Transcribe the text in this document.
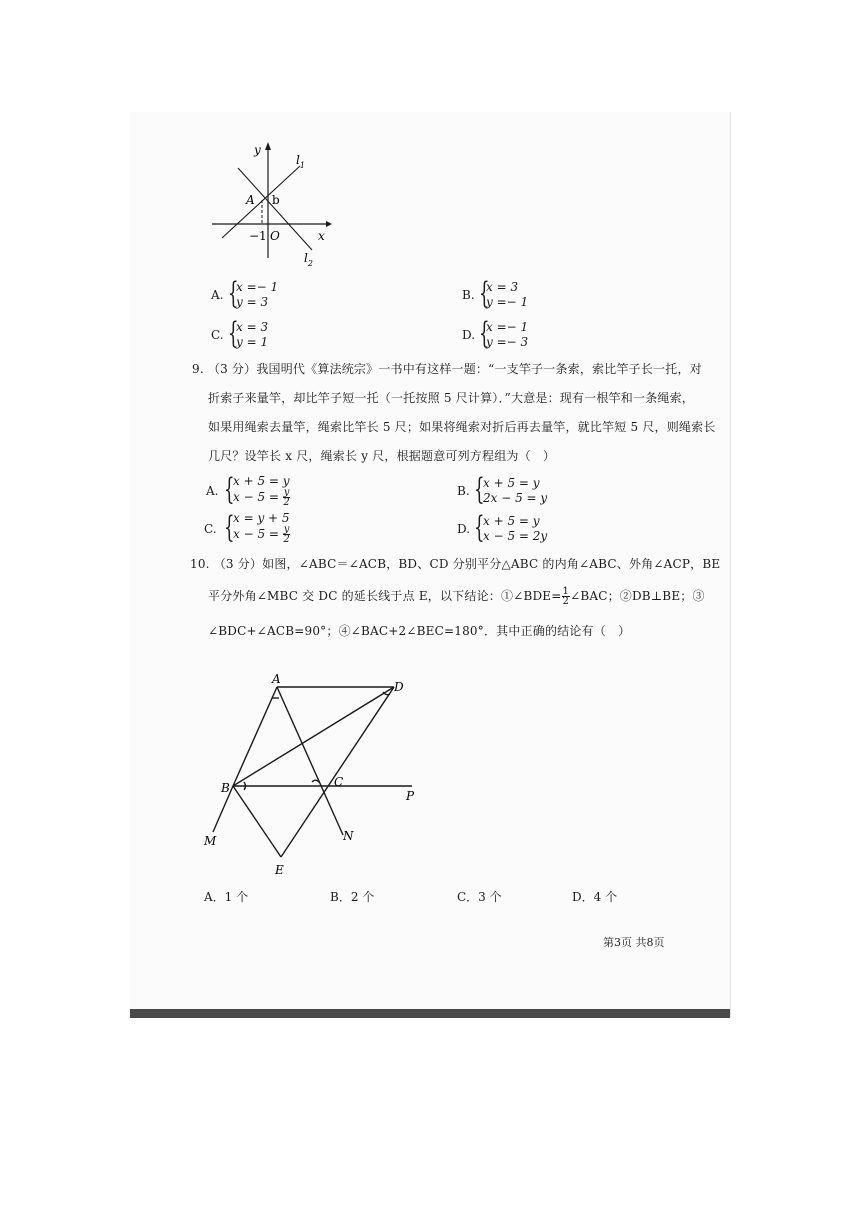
y
x
$l_1$
$l_2$
A b
−1 O
A. {
x =− 1
y = 3	B. {
x = 3
y =− 1
C. {
x = 3
y = 1	D. {
x =− 1
y =− 3
9. （3 分）我国明代《算法统宗》一书中有这样一题：“一支竿子一条索，索比竿子长一托，对
折索子来量竿，却比竿子短一托（一托按照 5 尺计算）．”大意是：现有一根竿和一条绳索，
如果用绳索去量竿，绳索比竿长 5 尺；如果将绳索对折后再去量竿，就比竿短 5 尺，则绳索长
几尺？设竿长 x 尺，绳索长 y 尺，根据题意可列方程组为（　）
A. {
x + 5 = y
$x - 5 = \frac{y}{2}$	B. {
x + 5 = y
2x − 5 = y
C. {
x = y + 5
$x - 5 = \frac{y}{2}$	D. {
x + 5 = y
x − 5 = 2y
10. （3 分）如图，∠ABC＝∠ACB，BD、CD 分别平分△ABC 的内角∠ABC、外角∠ACP，BE
平分外角∠MBC 交 DC 的延长线于点 E，以下结论：①∠BDE= $\frac{1}{2}$ ∠BAC；②DB⊥BE；③
∠BDC+∠ACB=90°；④∠BAC+2∠BEC=180°．其中正确的结论有（　）
A
D
B	C
P
M	N
E
A．1 个	B．2 个	C．3 个	D．4 个
第3页 共8页
